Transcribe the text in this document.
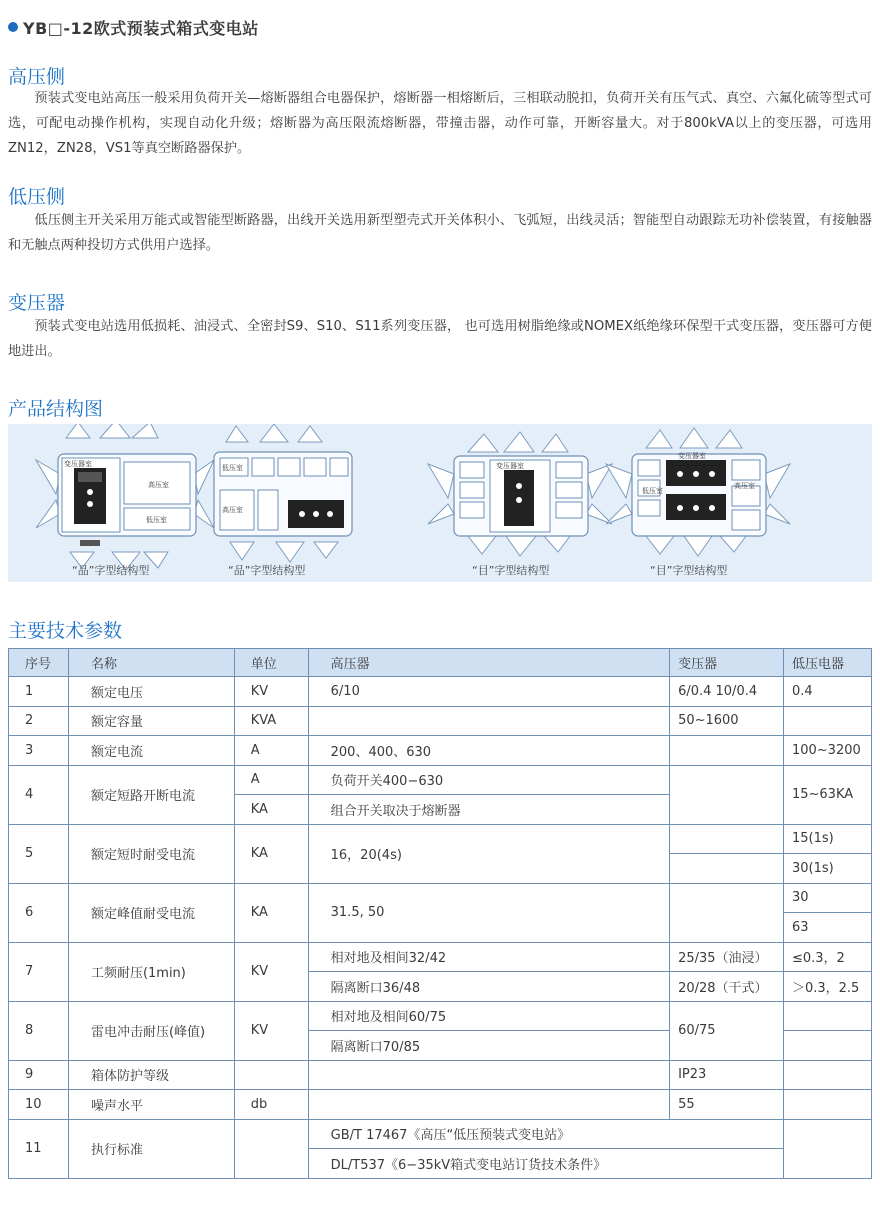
YB□-12欧式预装式箱式变电站
高压侧

预装式变电站高压一般采用负荷开关—熔断器组合电器保护，熔断器一相熔断后，三相联动脱扣，负荷开关有压气式、真空、六氟化硫等型式可选，可配电动操作机构，实现自动化升级；熔断器为高压限流熔断器，带撞击器，动作可靠，开断容量大。对于800kVA以上的变压器，可选用ZN12，ZN28，VS1等真空断路器保护。

低压侧

低压侧主开关采用万能式或智能型断路器，出线开关选用新型塑壳式开关体积小、飞弧短，出线灵活；智能型自动跟踪无功补偿装置，有接触器和无触点两种投切方式供用户选择。

变压器

预装式变电站选用低损耗、油浸式、全密封S9、S10、S11系列变压器， 也可选用树脂绝缘或NOMEX纸绝缘环保型干式变压器，变压器可方便地进出。

产品结构图
变压器室
高压室
低压室
低压室
高压室
变压器室
变压器室
高压室
低压室
“品”字型结构型	“品”字型结构型	“目”字型结构型	“目”字型结构型
主要技术参数
序号	名称	单位	高压器	变压器	低压电器
1	额定电压	KV	6/10	6/0.4 10/0.4	0.4
2	额定容量	KVA		50~1600	
3	额定电流	A	200、400、630		100~3200
4	额定短路开断电流	A	负荷开关400−630		15~63KA
		KA	组合开关取决于熔断器		
5	额定短时耐受电流	KA	16，20(4s)		15(1s)
					30(1s)
6	额定峰值耐受电流	KA	31.5, 50		30
					63
7	工频耐压(1min)	KV	相对地及相间32/42	25/35（油浸）	≤0.3，2
			隔离断口36/48	20/28（干式）	＞0.3，2.5
8	雷电冲击耐压(峰值)	KV	相对地及相间60/75	60/75	
			隔离断口70/85		
9	箱体防护等级			IP23	
10	噪声水平	db		55	
11	执行标准		GB/T 17467《高压“低压预装式变电站》		
			DL/T537《6−35kV箱式变电站订货技术条件》		
